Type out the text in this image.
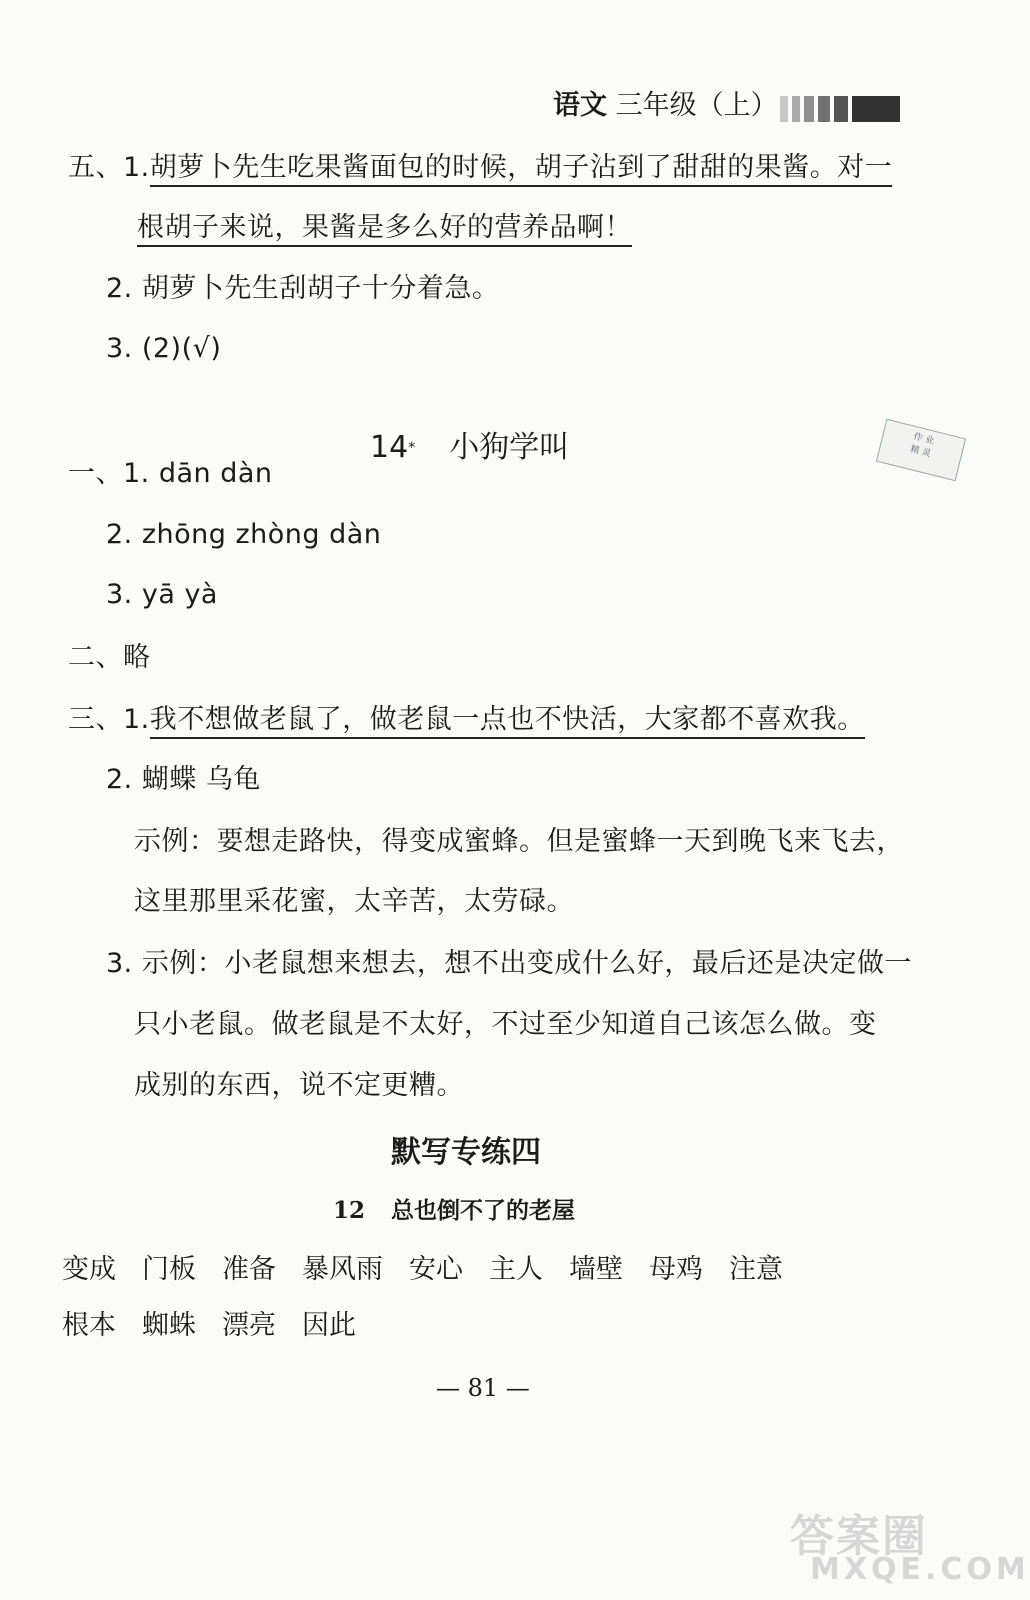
语文 三年级（上）
五、1.胡萝卜先生吃果酱面包的时候，胡子沾到了甜甜的果酱。对一
根胡子来说，果酱是多么好的营养品啊！
2. 胡萝卜先生刮胡子十分着急。
3. (2)(√)
14* 小狗学叫	作 业
精 灵
一、1. dān dàn
2. zhōng zhòng dàn
3. yā yà
二、略
三、1.我不想做老鼠了，做老鼠一点也不快活，大家都不喜欢我。
2. 蝴蝶 乌龟
示例：要想走路快，得变成蜜蜂。但是蜜蜂一天到晚飞来飞去，
这里那里采花蜜，太辛苦，太劳碌。
3. 示例：小老鼠想来想去，想不出变成什么好，最后还是决定做一
只小老鼠。做老鼠是不太好，不过至少知道自己该怎么做。变
成别的东西，说不定更糟。
默写专练四
12 总也倒不了的老屋
变成 门板 准备 暴风雨 安心 主人 墙壁 母鸡 注意
根本 蜘蛛 漂亮 因此
— 81 —
答案圈
MXQE.COM
